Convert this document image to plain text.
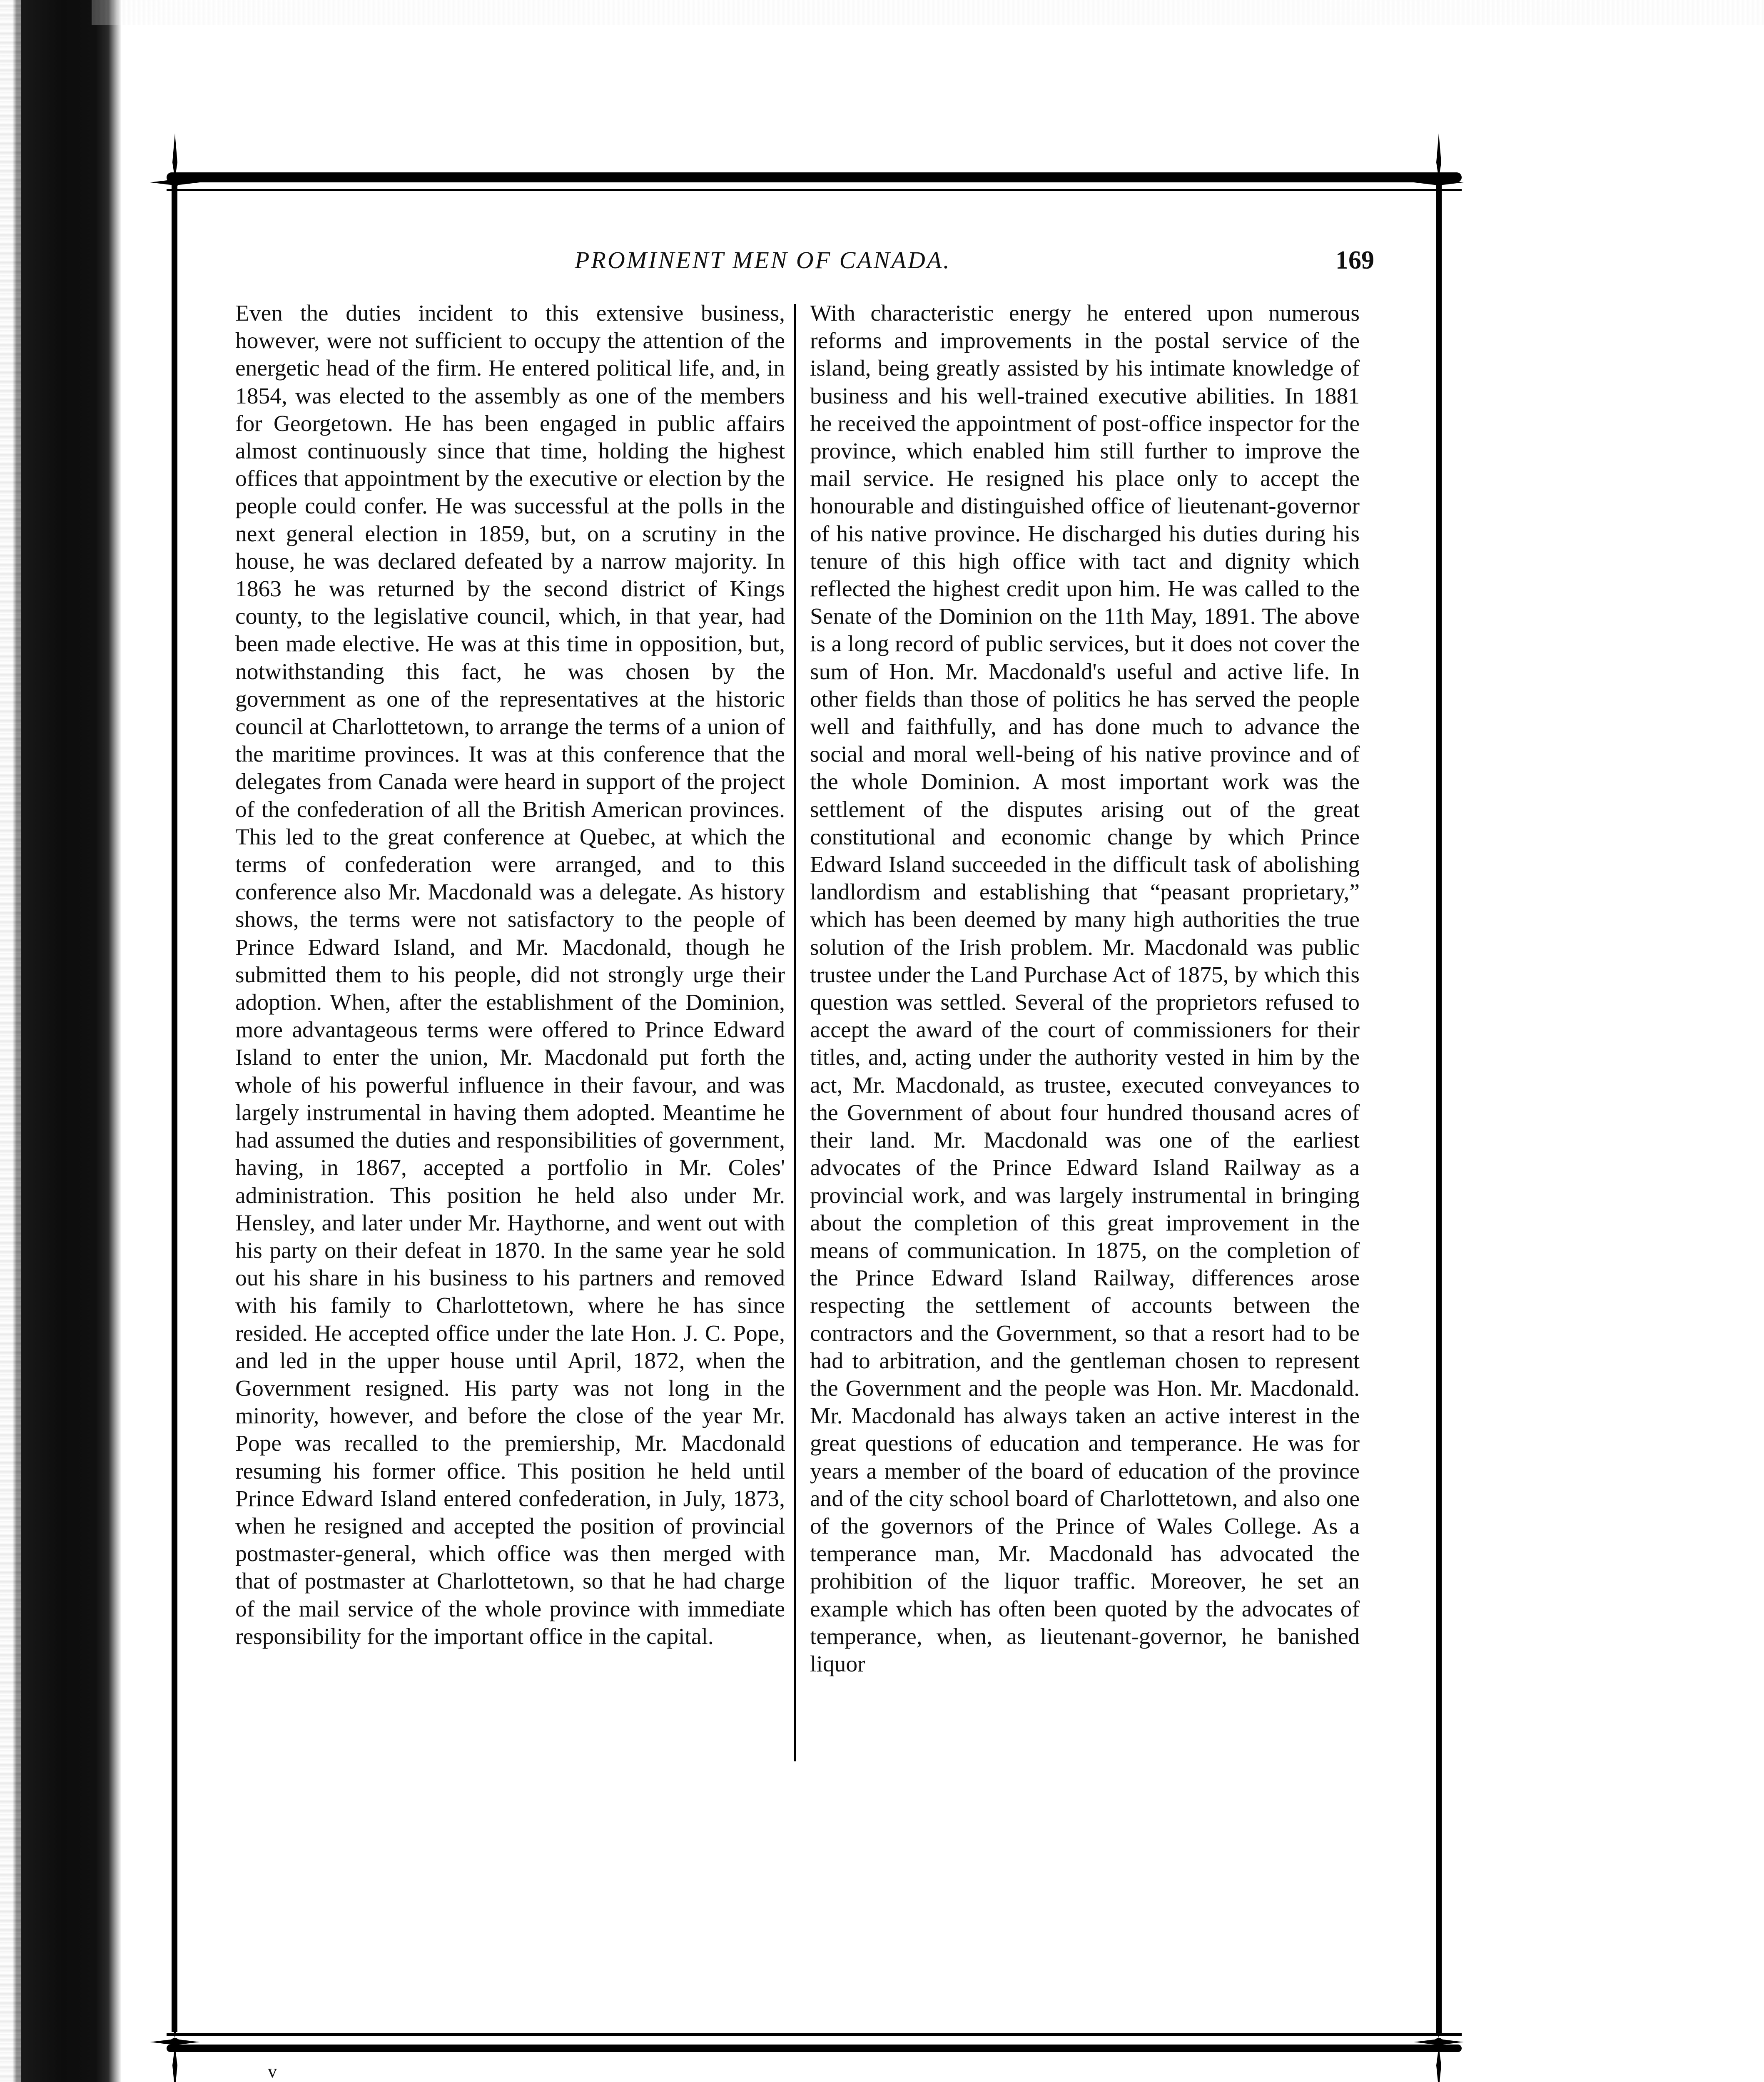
PROMINENT MEN OF CANADA.	169

Even the duties incident to this extensive business, however, were not sufficient to occupy the attention of the energetic head of the firm. He entered political life, and, in 1854, was elected to the assembly as one of the members for Georgetown. He has been engaged in public affairs almost continuously since that time, holding the highest offices that appointment by the executive or election by the people could confer. He was successful at the polls in the next general election in 1859, but, on a scrutiny in the house, he was declared defeated by a narrow majority. In 1863 he was returned by the second district of Kings county, to the legislative council, which, in that year, had been made elective. He was at this time in opposition, but, notwithstanding this fact, he was chosen by the government as one of the representatives at the historic council at Charlottetown, to arrange the terms of a union of the maritime provinces. It was at this conference that the delegates from Canada were heard in support of the project of the confederation of all the British American provinces. This led to the great conference at Quebec, at which the terms of confederation were arranged, and to this conference also Mr. Macdonald was a delegate. As history shows, the terms were not satisfactory to the people of Prince Edward Island, and Mr. Macdonald, though he submitted them to his people, did not strongly urge their adoption. When, after the establishment of the Dominion, more advantageous terms were offered to Prince Edward Island to enter the union, Mr. Macdonald put forth the whole of his powerful influence in their favour, and was largely instrumental in having them adopted. Meantime he had assumed the duties and responsibilities of government, having, in 1867, accepted a portfolio in Mr. Coles' administration. This position he held also under Mr. Hensley, and later under Mr. Haythorne, and went out with his party on their defeat in 1870. In the same year he sold out his share in his business to his partners and removed with his family to Charlottetown, where he has since resided. He accepted office under the late Hon. J. C. Pope, and led in the upper house until April, 1872, when the Government resigned. His party was not long in the minority, however, and before the close of the year Mr. Pope was recalled to the premiership, Mr. Macdonald resuming his former office. This position he held until Prince Edward Island entered confederation, in July, 1873, when he resigned and accepted the position of provincial postmaster-general, which office was then merged with that of postmaster at Charlottetown, so that he had charge of the mail service of the whole province with immediate responsibility for the important office in the capital.

With characteristic energy he entered upon numerous reforms and improvements in the postal service of the island, being greatly assisted by his intimate knowledge of business and his well-trained executive abilities. In 1881 he received the appointment of post-office inspector for the province, which enabled him still further to improve the mail service. He resigned his place only to accept the honourable and distinguished office of lieutenant-governor of his native province. He discharged his duties during his tenure of this high office with tact and dignity which reflected the highest credit upon him. He was called to the Senate of the Dominion on the 11th May, 1891. The above is a long record of public services, but it does not cover the sum of Hon. Mr. Macdonald's useful and active life. In other fields than those of politics he has served the people well and faithfully, and has done much to advance the social and moral well-being of his native province and of the whole Dominion. A most important work was the settlement of the disputes arising out of the great constitutional and economic change by which Prince Edward Island succeeded in the difficult task of abolishing landlordism and establishing that “peasant proprietary,” which has been deemed by many high authorities the true solution of the Irish problem. Mr. Macdonald was public trustee under the Land Purchase Act of 1875, by which this question was settled. Several of the proprietors refused to accept the award of the court of commissioners for their titles, and, acting under the authority vested in him by the act, Mr. Macdonald, as trustee, executed conveyances to the Government of about four hundred thousand acres of their land. Mr. Macdonald was one of the earliest advocates of the Prince Edward Island Railway as a provincial work, and was largely instrumental in bringing about the completion of this great improvement in the means of communication. In 1875, on the completion of the Prince Edward Island Railway, differences arose respecting the settlement of accounts between the contractors and the Government, so that a resort had to be had to arbitration, and the gentleman chosen to represent the Government and the people was Hon. Mr. Macdonald. Mr. Macdonald has always taken an active interest in the great questions of education and temperance. He was for years a member of the board of education of the province and of the city school board of Charlottetown, and also one of the governors of the Prince of Wales College. As a temperance man, Mr. Macdonald has advocated the prohibition of the liquor traffic. Moreover, he set an example which has often been quoted by the advocates of temperance, when, as lieutenant-governor, he banished liquor

v
